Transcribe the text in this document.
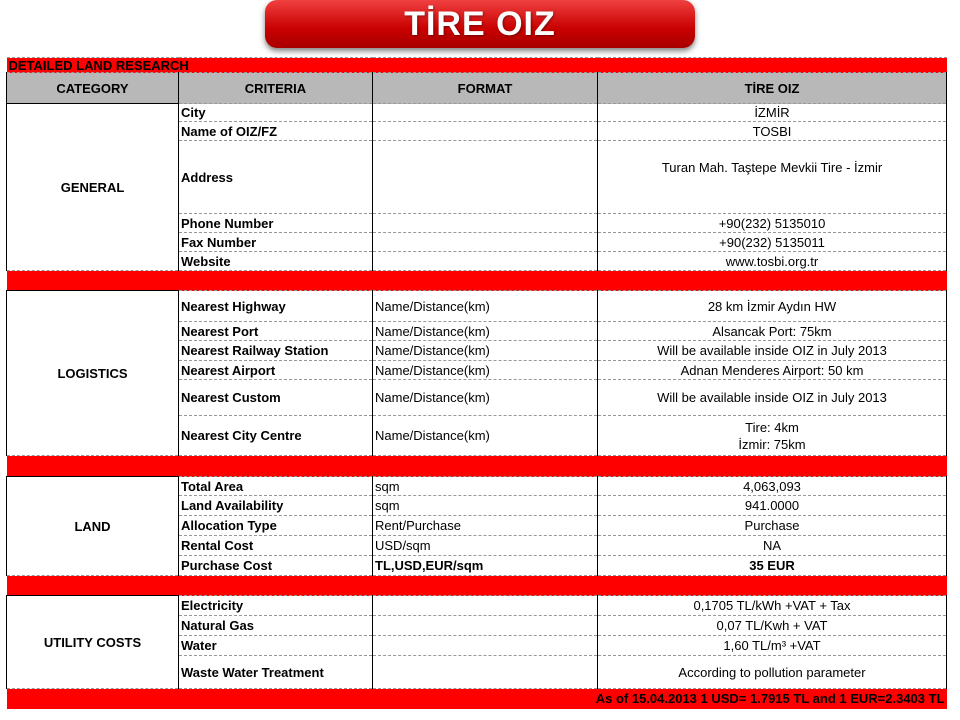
TİRE OIZ
DETAILED LAND RESEARCH			
CATEGORY	CRITERIA	FORMAT	TİRE OIZ
GENERAL	City		İZMİR
	Name of OIZ/FZ		TOSBI
	Address		Turan Mah. Taştepe Mevkii Tire - İzmir
	Phone Number		+90(232) 5135010
	Fax Number		+90(232) 5135011
	Website		www.tosbi.org.tr

LOGISTICS	Nearest Highway	Name/Distance(km)	28 km İzmir Aydın HW
	Nearest Port	Name/Distance(km)	Alsancak Port: 75km
	Nearest Railway Station	Name/Distance(km)	Will be available inside OIZ in July 2013
	Nearest Airport	Name/Distance(km)	Adnan Menderes Airport: 50 km
	Nearest Custom	Name/Distance(km)	Will be available inside OIZ in July 2013
	Nearest City Centre	Name/Distance(km)	Tire: 4km
İzmir: 75km

LAND	Total Area	sqm	4,063,093
	Land Availability	sqm	941.0000
	Allocation Type	Rent/Purchase	Purchase
	Rental Cost	USD/sqm	NA
	Purchase Cost	TL,USD,EUR/sqm	35 EUR

UTILITY COSTS	Electricity		0,1705 TL/kWh +VAT + Tax
	Natural Gas		0,07 TL/Kwh + VAT
	Water		1,60 TL/m³ +VAT
	Waste Water Treatment		According to pollution parameter
As of 15.04.2013 1 USD= 1.7915 TL and 1 EUR=2.3403 TL			
